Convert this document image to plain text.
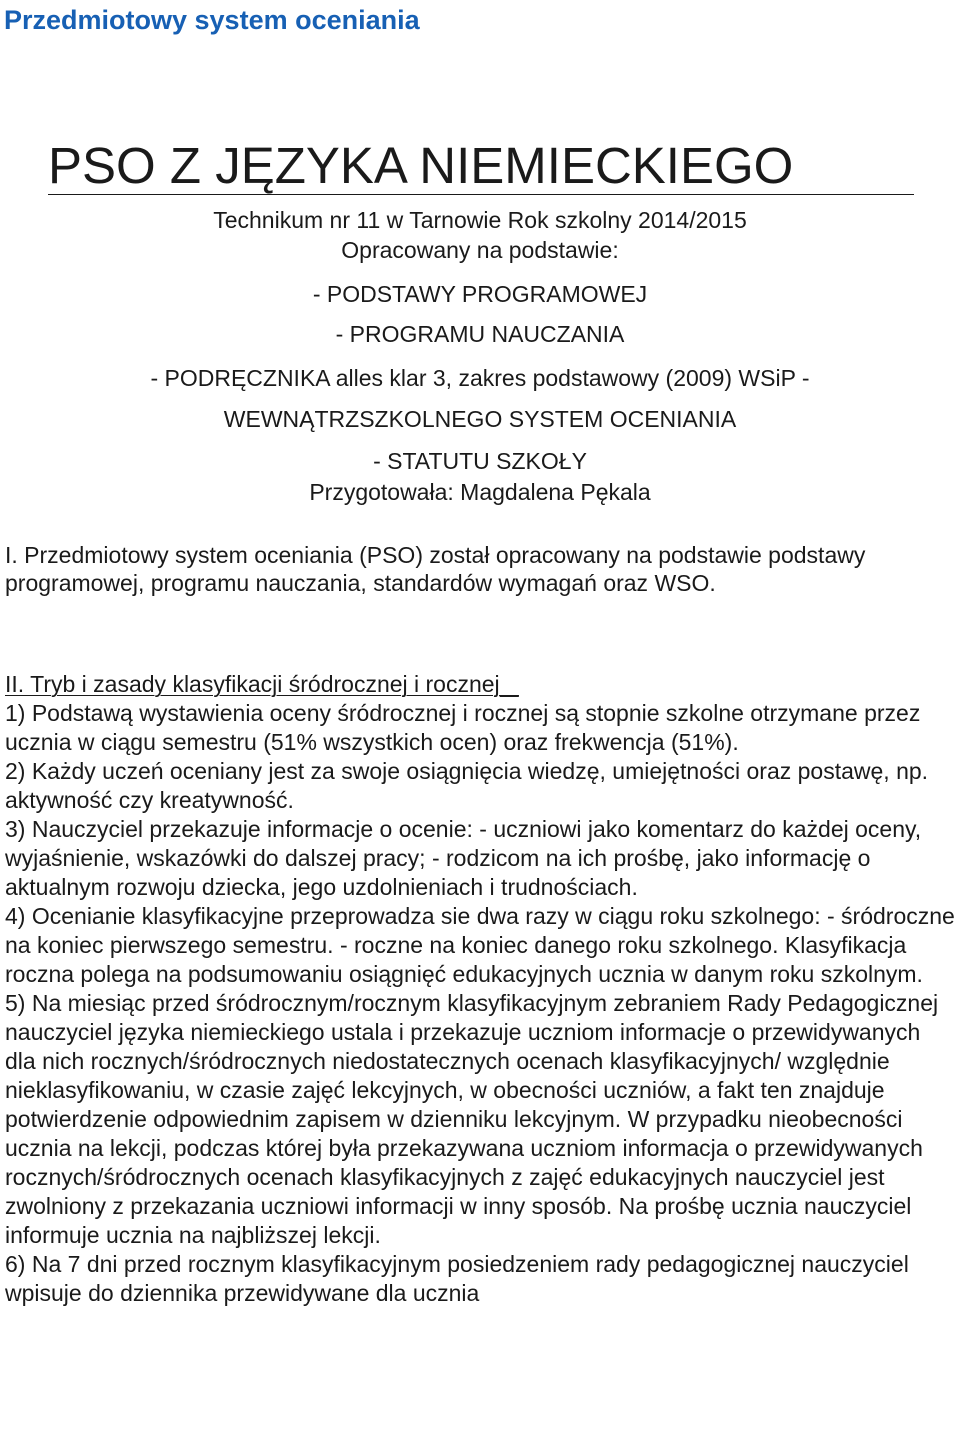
Przedmiotowy system oceniania
PSO Z JĘZYKA NIEMIECKIEGO
Technikum nr 11 w Tarnowie Rok szkolny 2014/2015
Opracowany na podstawie:
- PODSTAWY PROGRAMOWEJ
- PROGRAMU NAUCZANIA
- PODRĘCZNIKA alles klar 3, zakres podstawowy (2009) WSiP -
WEWNĄTRZSZKOLNEGO SYSTEM OCENIANIA
- STATUTU SZKOŁY
Przygotowała: Magdalena Pękala

I. Przedmiotowy system oceniania (PSO) został opracowany na podstawie podstawy programowej, programu nauczania, standardów wymagań oraz WSO.

II. Tryb i zasady klasyfikacji śródrocznej i rocznej

1) Podstawą wystawienia oceny śródrocznej i rocznej są stopnie szkolne otrzymane przez ucznia w ciągu semestru (51% wszystkich ocen) oraz frekwencja (51%).

2) Każdy uczeń oceniany jest za swoje osiągnięcia wiedzę, umiejętności oraz postawę, np. aktywność czy kreatywność.

3) Nauczyciel przekazuje informacje o ocenie: - uczniowi jako komentarz do każdej oceny, wyjaśnienie, wskazówki do dalszej pracy; - rodzicom na ich prośbę, jako informację o aktualnym rozwoju dziecka, jego uzdolnieniach i trudnościach.

4) Ocenianie klasyfikacyjne przeprowadza sie dwa razy w ciągu roku szkolnego: - śródroczne na koniec pierwszego semestru. - roczne na koniec danego roku szkolnego. Klasyfikacja roczna polega na podsumowaniu osiągnięć edukacyjnych ucznia w danym roku szkolnym.

5) Na miesiąc przed śródrocznym/rocznym klasyfikacyjnym zebraniem Rady Pedagogicznej nauczyciel języka niemieckiego ustala i przekazuje uczniom informacje o przewidywanych dla nich rocznych/śródrocznych niedostatecznych ocenach klasyfikacyjnych/ względnie nieklasyfikowaniu, w czasie zajęć lekcyjnych, w obecności uczniów, a fakt ten znajduje potwierdzenie odpowiednim zapisem w dzienniku lekcyjnym. W przypadku nieobecności ucznia na lekcji, podczas której była przekazywana uczniom informacja o przewidywanych rocznych/śródrocznych ocenach klasyfikacyjnych z zajęć edukacyjnych nauczyciel jest zwolniony z przekazania uczniowi informacji w inny sposób. Na prośbę ucznia nauczyciel informuje ucznia na najbliższej lekcji.

6) Na 7 dni przed rocznym klasyfikacyjnym posiedzeniem rady pedagogicznej nauczyciel wpisuje do dziennika przewidywane dla ucznia
